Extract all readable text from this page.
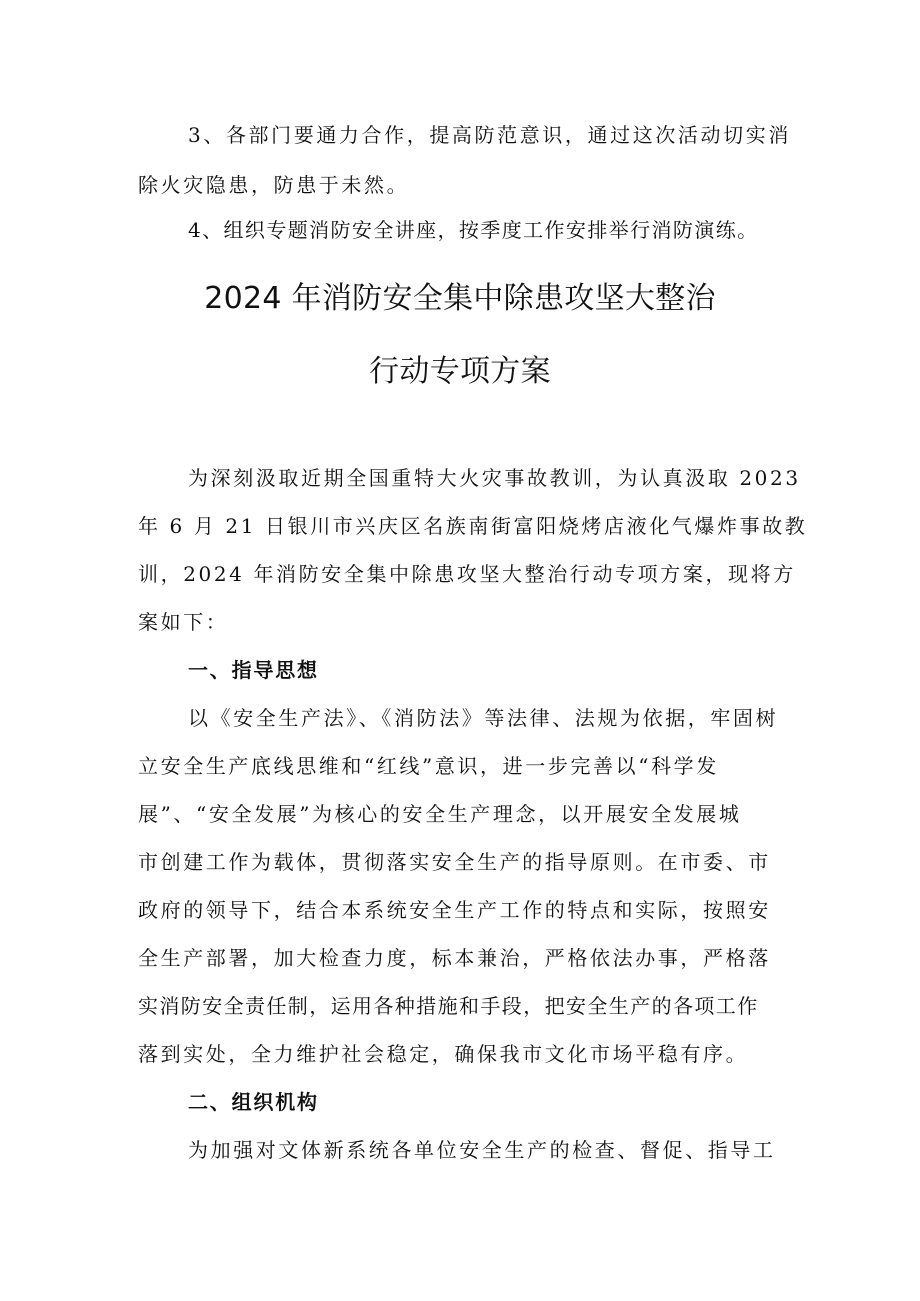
3、各部门要通力合作，提高防范意识，通过这次活动切实消
除火灾隐患，防患于未然。
4、组织专题消防安全讲座，按季度工作安排举行消防演练。
2024 年消防安全集中除患攻坚大整治
行动专项方案
为深刻汲取近期全国重特大火灾事故教训，为认真汲取 2023
年 6 月 21 日银川市兴庆区名族南街富阳烧烤店液化气爆炸事故教
训，2024 年消防安全集中除患攻坚大整治行动专项方案，现将方
案如下：
一、指导思想
以《安全生产法》、《消防法》等法律、法规为依据，牢固树
立安全生产底线思维和“红线”意识，进一步完善以“科学发
展”、“安全发展”为核心的安全生产理念，以开展安全发展城
市创建工作为载体，贯彻落实安全生产的指导原则。在市委、市
政府的领导下，结合本系统安全生产工作的特点和实际，按照安
全生产部署，加大检查力度，标本兼治，严格依法办事，严格落
实消防安全责任制，运用各种措施和手段，把安全生产的各项工作
落到实处，全力维护社会稳定，确保我市文化市场平稳有序。
二、组织机构
为加强对文体新系统各单位安全生产的检查、督促、指导工
